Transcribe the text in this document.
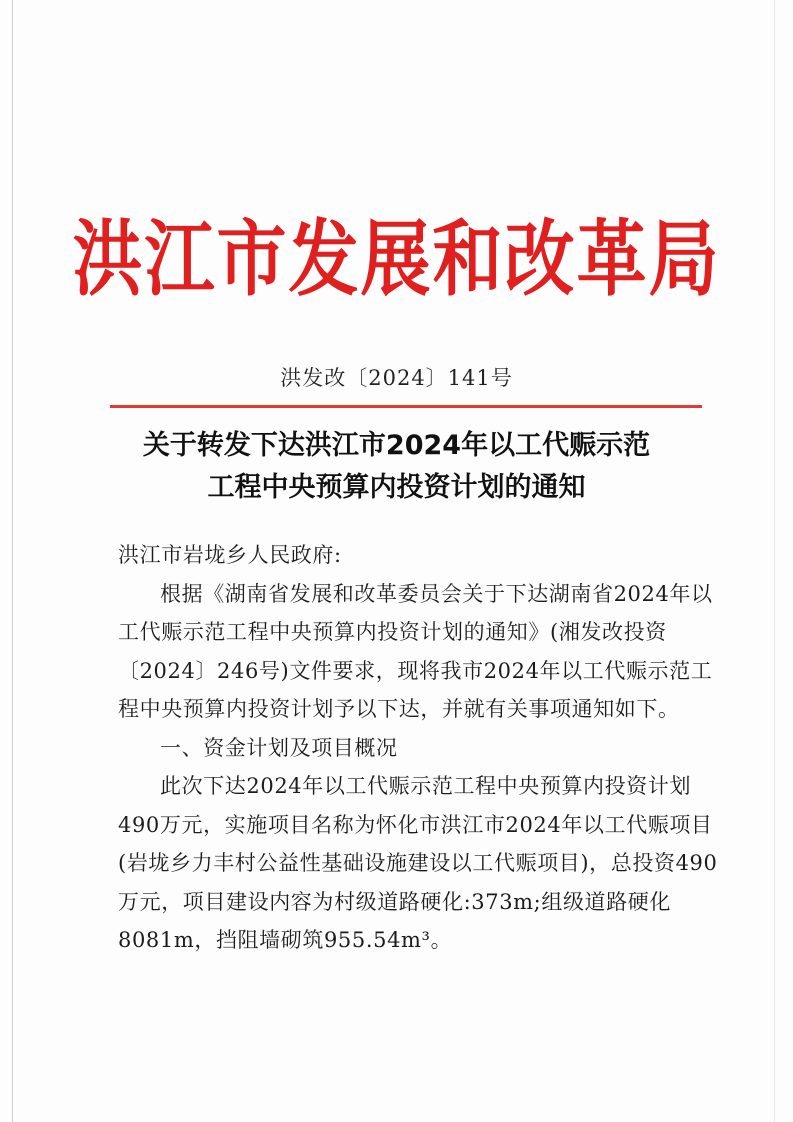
洪江市发展和改革局
洪发改〔2024〕141号
关于转发下达洪江市2024年以工代赈示范
工程中央预算内投资计划的通知

洪江市岩垅乡人民政府:

根据《湖南省发展和改革委员会关于下达湖南省2024年以工代赈示范工程中央预算内投资计划的通知》(湘发改投资〔2024〕246号)文件要求，现将我市2024年以工代赈示范工程中央预算内投资计划予以下达，并就有关事项通知如下。

一、资金计划及项目概况

此次下达2024年以工代赈示范工程中央预算内投资计划490万元，实施项目名称为怀化市洪江市2024年以工代赈项目(岩垅乡力丰村公益性基础设施建设以工代赈项目)，总投资490万元，项目建设内容为村级道路硬化:373m;组级道路硬化8081m，挡阻墙砌筑955.54m³。
